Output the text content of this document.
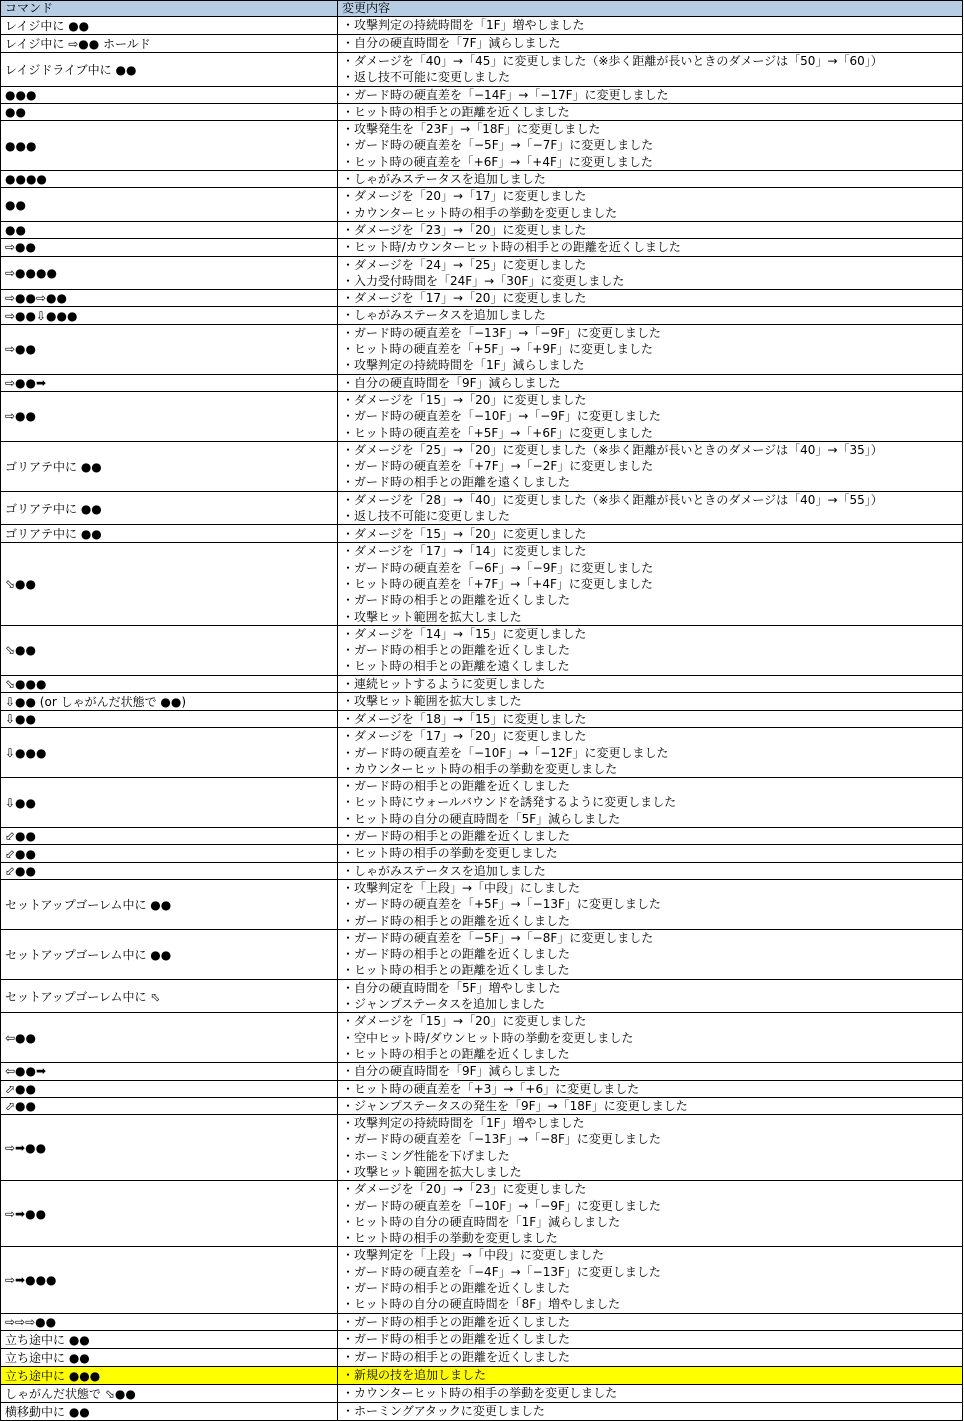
コマンド	変更内容
レイジ中に ●●	・攻撃判定の持続時間を「1F」増やしました

レイジ中に ⇨●● ホールド	・自分の硬直時間を「7F」減らしました

レイジドライブ中に ●●	・ダメージを「40」→「45」に変更しました（※歩く距離が長いときのダメージは「50」→「60」）
・返し技不可能に変更しました

●●●	・ガード時の硬直差を「−14F」→「−17F」に変更しました

●●	・ヒット時の相手との距離を近くしました

●●●	・攻撃発生を「23F」→「18F」に変更しました
・ガード時の硬直差を「−5F」→「−7F」に変更しました
・ヒット時の硬直差を「+6F」→「+4F」に変更しました

●●●●	・しゃがみステータスを追加しました

●●	・ダメージを「20」→「17」に変更しました
・カウンターヒット時の相手の挙動を変更しました

●●	・ダメージを「23」→「20」に変更しました

⇨●●	・ヒット時/カウンターヒット時の相手との距離を近くしました

⇨●●●●	・ダメージを「24」→「25」に変更しました
・入力受付時間を「24F」→「30F」に変更しました

⇨●●⇨●●	・ダメージを「17」→「20」に変更しました

⇨●●⇩●●●	・しゃがみステータスを追加しました

⇨●●	・ガード時の硬直差を「−13F」→「−9F」に変更しました
・ヒット時の硬直差を「+5F」→「+9F」に変更しました
・攻撃判定の持続時間を「1F」減らしました

⇨●●➡	・自分の硬直時間を「9F」減らしました

⇨●●	・ダメージを「15」→「20」に変更しました
・ガード時の硬直差を「−10F」→「−9F」に変更しました
・ヒット時の硬直差を「+5F」→「+6F」に変更しました

ゴリアテ中に ●●	・ダメージを「25」→「20」に変更しました（※歩く距離が長いときのダメージは「40」→「35」）
・ガード時の硬直差を「+7F」→「−2F」に変更しました
・ガード時の相手との距離を遠くしました

ゴリアテ中に ●●	・ダメージを「28」→「40」に変更しました（※歩く距離が長いときのダメージは「40」→「55」）
・返し技不可能に変更しました

ゴリアテ中に ●●	・ダメージを「15」→「20」に変更しました

⬂●●	・ダメージを「17」→「14」に変更しました
・ガード時の硬直差を「−6F」→「−9F」に変更しました
・ヒット時の硬直差を「+7F」→「+4F」に変更しました
・ガード時の相手との距離を近くしました
・攻撃ヒット範囲を拡大しました

⬂●●	・ダメージを「14」→「15」に変更しました
・ガード時の相手との距離を近くしました
・ヒット時の相手との距離を遠くしました

⬂●●●	・連続ヒットするように変更しました

⇩●● (or しゃがんだ状態で ●●)	・攻撃ヒット範囲を拡大しました

⇩●●	・ダメージを「18」→「15」に変更しました

⇩●●●	・ダメージを「17」→「20」に変更しました
・ガード時の硬直差を「−10F」→「−12F」に変更しました
・カウンターヒット時の相手の挙動を変更しました

⇩●●	・ガード時の相手との距離を近くしました
・ヒット時にウォールバウンドを誘発するように変更しました
・ヒット時の自分の硬直時間を「5F」減らしました

⬃●●	・ガード時の相手との距離を近くしました

⬃●●	・ヒット時の相手の挙動を変更しました

⬃●●	・しゃがみステータスを追加しました

セットアップゴーレム中に ●●	・攻撃判定を「上段」→「中段」にしました
・ガード時の硬直差を「+5F」→「−13F」に変更しました
・ガード時の相手との距離を近くしました

セットアップゴーレム中に ●●	・ガード時の硬直差を「−5F」→「−8F」に変更しました
・ガード時の相手との距離を近くしました
・ヒット時の相手との距離を近くしました

セットアップゴーレム中に ⬁	・自分の硬直時間を「5F」増やしました
・ジャンプステータスを追加しました

⇦●●	・ダメージを「15」→「20」に変更しました
・空中ヒット時/ダウンヒット時の挙動を変更しました
・ヒット時の相手との距離を近くしました

⇦●●➡	・自分の硬直時間を「9F」減らしました

⬀●●	・ヒット時の硬直差を「+3」→「+6」に変更しました

⬀●●	・ジャンプステータスの発生を「9F」→「18F」に変更しました

⇨➡●●	・攻撃判定の持続時間を「1F」増やしました
・ガード時の硬直差を「−13F」→「−8F」に変更しました
・ホーミング性能を下げました
・攻撃ヒット範囲を拡大しました

⇨➡●●	・ダメージを「20」→「23」に変更しました
・ガード時の硬直差を「−10F」→「−9F」に変更しました
・ヒット時の自分の硬直時間を「1F」減らしました
・ヒット時の相手の挙動を変更しました

⇨➡●●●	・攻撃判定を「上段」→「中段」に変更しました
・ガード時の硬直差を「−4F」→「−13F」に変更しました
・ガード時の相手との距離を近くしました
・ヒット時の自分の硬直時間を「8F」増やしました

⇨⇨⇨●●	・ガード時の相手との距離を近くしました

立ち途中に ●●	・ガード時の相手との距離を近くしました

立ち途中に ●●	・ガード時の相手との距離を近くしました

立ち途中に ●●●	・新規の技を追加しました

しゃがんだ状態で ⬂●●	・カウンターヒット時の相手の挙動を変更しました

横移動中に ●●	・ホーミングアタックに変更しました
